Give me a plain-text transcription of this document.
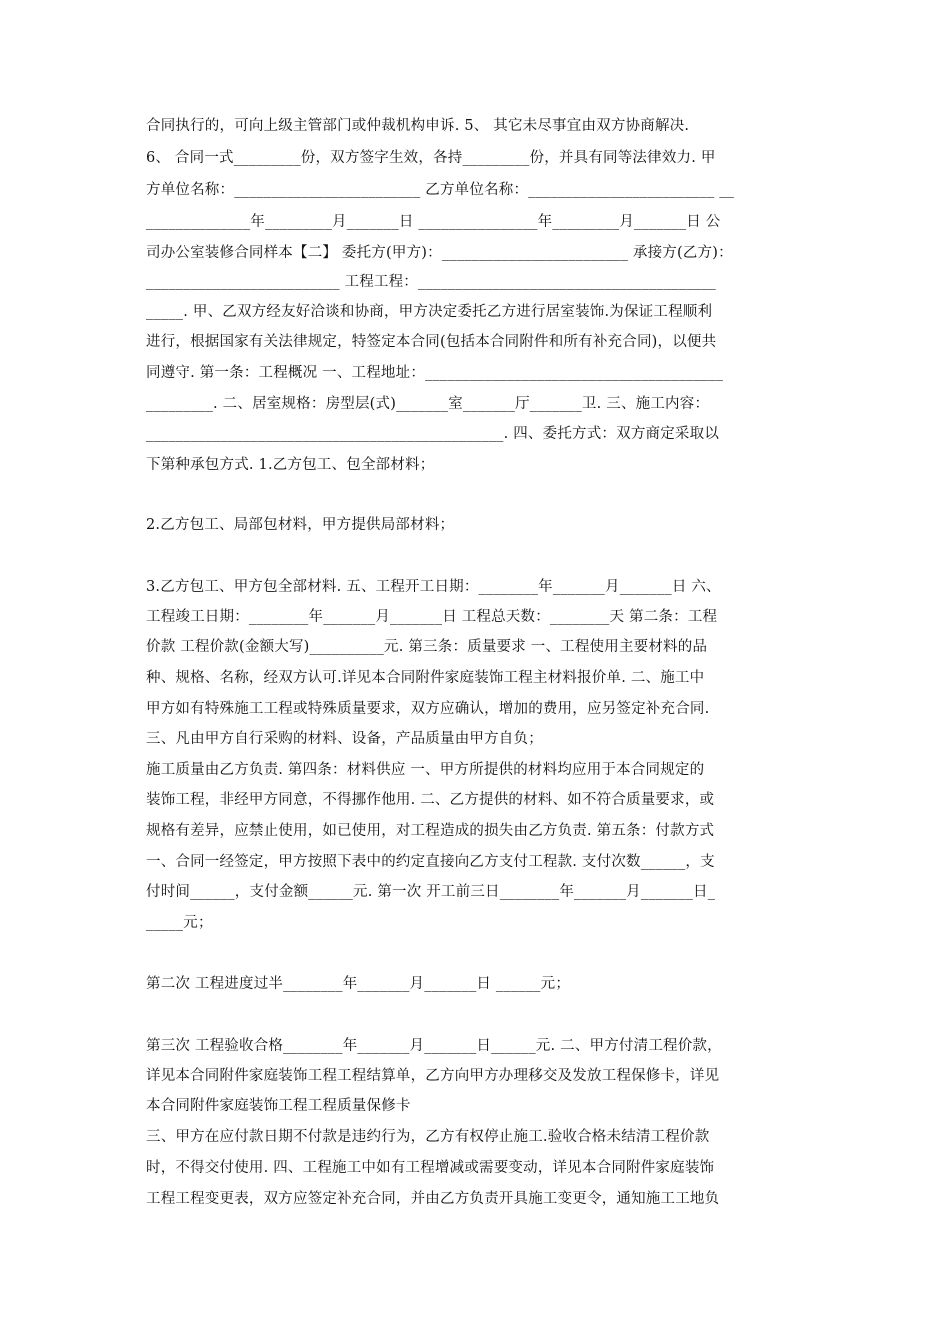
合同执行的，可向上级主管部门或仲裁机构申诉. 5、 其它未尽事宜由双方协商解决.
6、 合同一式_________份，双方签字生效，各持_________份，并具有同等法律效力. 甲
方单位名称：_________________________ 乙方单位名称：_________________________ __
______________年_________月_______日 ________________年_________月_______日 公
司办公室装修合同样本【二】 委托方(甲方)：_________________________ 承接方(乙方)：
__________________________ 工程工程：________________________________________
_____. 甲、乙双方经友好洽谈和协商，甲方决定委托乙方进行居室装饰.为保证工程顺利
进行，根据国家有关法律规定，特签定本合同(包括本合同附件和所有补充合同)，以便共
同遵守. 第一条：工程概况 一、工程地址：________________________________________
_________. 二、居室规格：房型层(式)_______室_______厅_______卫. 三、施工内容：
________________________________________________. 四、委托方式：双方商定采取以
下第种承包方式. 1.乙方包工、包全部材料；
2.乙方包工、局部包材料，甲方提供局部材料；
3.乙方包工、甲方包全部材料. 五、工程开工日期：________年_______月_______日 六、
工程竣工日期：________年_______月_______日 工程总天数：________天 第二条：工程
价款 工程价款(金额大写)__________元. 第三条：质量要求 一、工程使用主要材料的品
种、规格、名称，经双方认可.详见本合同附件家庭装饰工程主材料报价单. 二、施工中
甲方如有特殊施工工程或特殊质量要求，双方应确认，增加的费用，应另签定补充合同.
三、凡由甲方自行采购的材料、设备，产品质量由甲方自负；
施工质量由乙方负责. 第四条：材料供应 一、甲方所提供的材料均应用于本合同规定的
装饰工程，非经甲方同意，不得挪作他用. 二、乙方提供的材料、如不符合质量要求，或
规格有差异，应禁止使用，如已使用，对工程造成的损失由乙方负责. 第五条：付款方式
一、合同一经签定，甲方按照下表中的约定直接向乙方支付工程款. 支付次数______，支
付时间______，支付金额______元. 第一次 开工前三日________年_______月_______日_
_____元；
第二次 工程进度过半________年_______月_______日 ______元；
第三次 工程验收合格________年_______月_______日______元. 二、甲方付清工程价款，
详见本合同附件家庭装饰工程工程结算单，乙方向甲方办理移交及发放工程保修卡，详见
本合同附件家庭装饰工程工程质量保修卡
三、甲方在应付款日期不付款是违约行为，乙方有权停止施工.验收合格未结清工程价款
时，不得交付使用. 四、工程施工中如有工程增减或需要变动，详见本合同附件家庭装饰
工程工程变更表，双方应签定补充合同，并由乙方负责开具施工变更令，通知施工工地负
